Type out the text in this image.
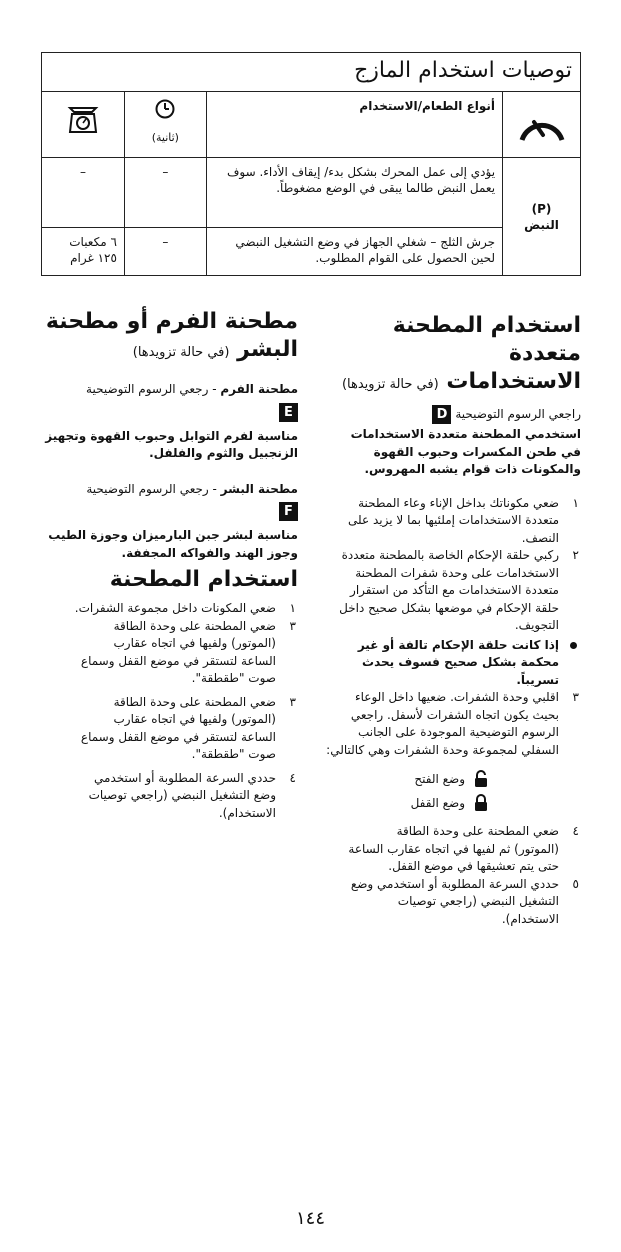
توصيات استخدام المازج			
	أنواع الطعام/الاستخدام	(ثانية)

(P)
النبض	يؤدي إلى عمل المحرك بشكل بدء/ إيقاف الأداء. سوف يعمل النبض طالما يبقى في الوضع مضغوطاً.	–	–
	جرش الثلج – شغلي الجهاز في وضع التشغيل النبضي لحين الحصول على القوام المطلوب.	–	٦ مكعبات
١٢٥ غرام
استخدام المطحنة متعددة
الاستخدامات (في حالة تزويدها)
راجعي الرسوم التوضيحية D
استخدمي المطحنة متعددة الاستخدامات في طحن المكسرات وحبوب القهوة والمكونات ذات قوام يشبه المهروس.
١
ضعي مكوناتك بداخل الإناء وعاء المطحنة متعددة الاستخدامات إملئيها بما لا يزيد على النصف.
٢
ركبي حلقة الإحكام الخاصة بالمطحنة متعددة الاستخدامات على وحدة شفرات المطحنة متعددة الاستخدامات مع التأكد من استقرار حلقة الإحكام في موضعها بشكل صحيح داخل التجويف.
إذا كانت حلقة الإحكام تالفة أو غير محكمة بشكل صحيح فسوف يحدث تسريباً.
٣
اقلبي وحدة الشفرات. ضعيها داخل الوعاء بحيث يكون اتجاه الشفرات لأسفل. راجعي الرسوم التوضيحية الموجودة على الجانب السفلي لمجموعة وحدة الشفرات وهي كالتالي:
وضع الفتح
وضع القفل
٤
ضعي المطحنة على وحدة الطاقة (الموتور) ثم لفيها في اتجاه عقارب الساعة حتى يتم تعشيقها في موضع القفل.
٥
حددي السرعة المطلوبة أو استخدمي وضع التشغيل النبضي (راجعي توصيات الاستخدام).
مطحنة الفرم أو مطحنة
البشر (في حالة تزويدها)
مطحنة الفرم - رجعي الرسوم التوضيحية
E
مناسبة لفرم التوابل وحبوب القهوة وتجهيز الزنجبيل والثوم والفلفل.
مطحنة البشر - رجعي الرسوم التوضيحية
F
مناسبة لبشر جبن البارميزان وجوزة الطيب وجوز الهند والفواكه المجففة.
استخدام المطحنة
١
ضعي المكونات داخل مجموعة الشفرات.
٣
ضعي المطحنة على وحدة الطاقة (الموتور) ولفيها في اتجاه عقارب الساعة لتستقر في موضع القفل وسماع صوت "طقطقة".
٣
ضعي المطحنة على وحدة الطاقة (الموتور) ولفيها في اتجاه عقارب الساعة لتستقر في موضع القفل وسماع صوت "طقطقة".
٤
حددي السرعة المطلوبة أو استخدمي وضع التشغيل النبضي (راجعي توصيات الاستخدام).
١٤٤
